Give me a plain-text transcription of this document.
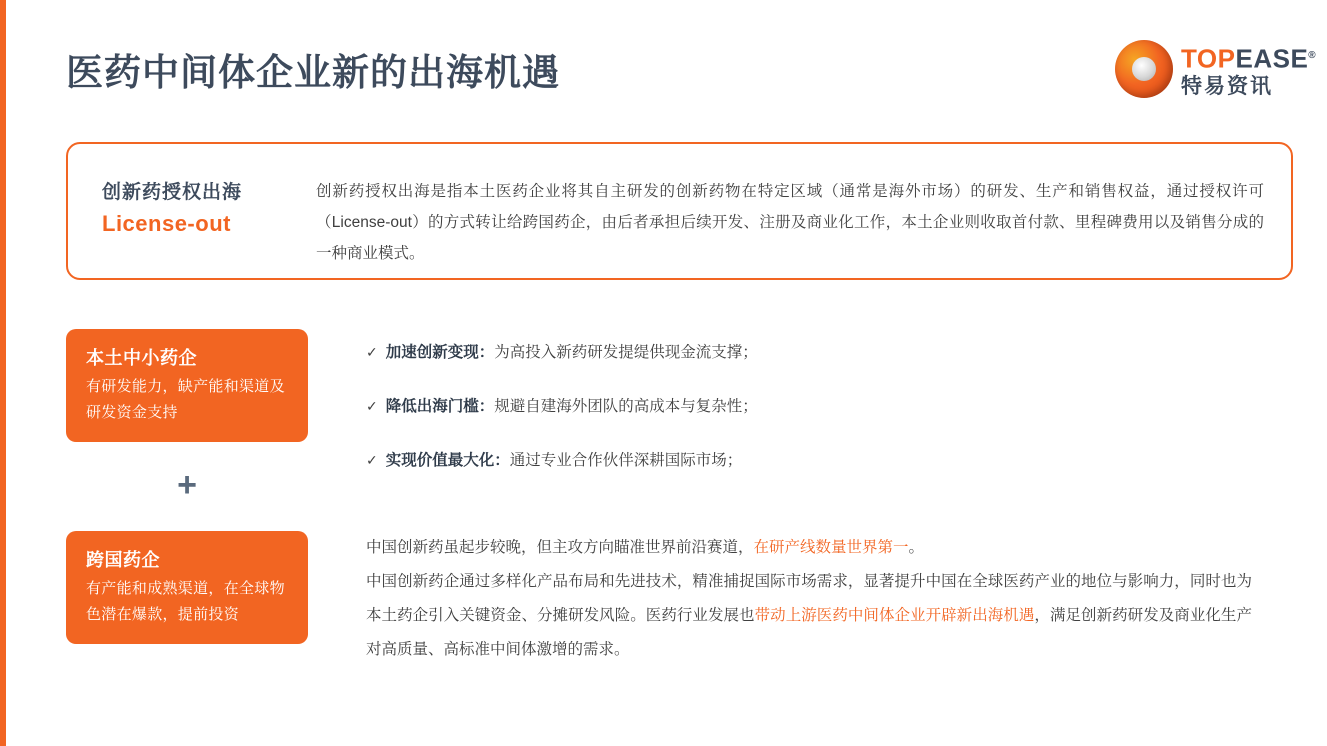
医药中间体企业新的出海机遇	TOPEASE®
特易资讯
创新药授权出海
License-out
创新药授权出海是指本土医药企业将其自主研发的创新药物在特定区域（通常是海外市场）的研发、生产和销售权益，通过授权许可（License-out）的方式转让给跨国药企，由后者承担后续开发、注册及商业化工作，本土企业则收取首付款、里程碑费用以及销售分成的一种商业模式。
本土中小药企
有研发能力，缺产能和渠道及研发资金支持
+
跨国药企
有产能和成熟渠道，在全球物色潜在爆款，提前投资
✓ 加速创新变现：为高投入新药研发提缇供现金流支撑；
✓ 降低出海门槛：规避自建海外团队的高成本与复杂性；
✓ 实现价值最大化：通过专业合作伙伴深耕国际市场；

中国创新药虽起步较晚，但主攻方向瞄准世界前沿赛道，在研产线数量世界第一。

中国创新药企通过多样化产品布局和先进技术，精准捕捉国际市场需求，显著提升中国在全球医药产业的地位与影响力，同时也为本土药企引入关键资金、分摊研发风险。医药行业发展也带动上游医药中间体企业开辟新出海机遇，满足创新药研发及商业化生产对高质量、高标准中间体激增的需求。
